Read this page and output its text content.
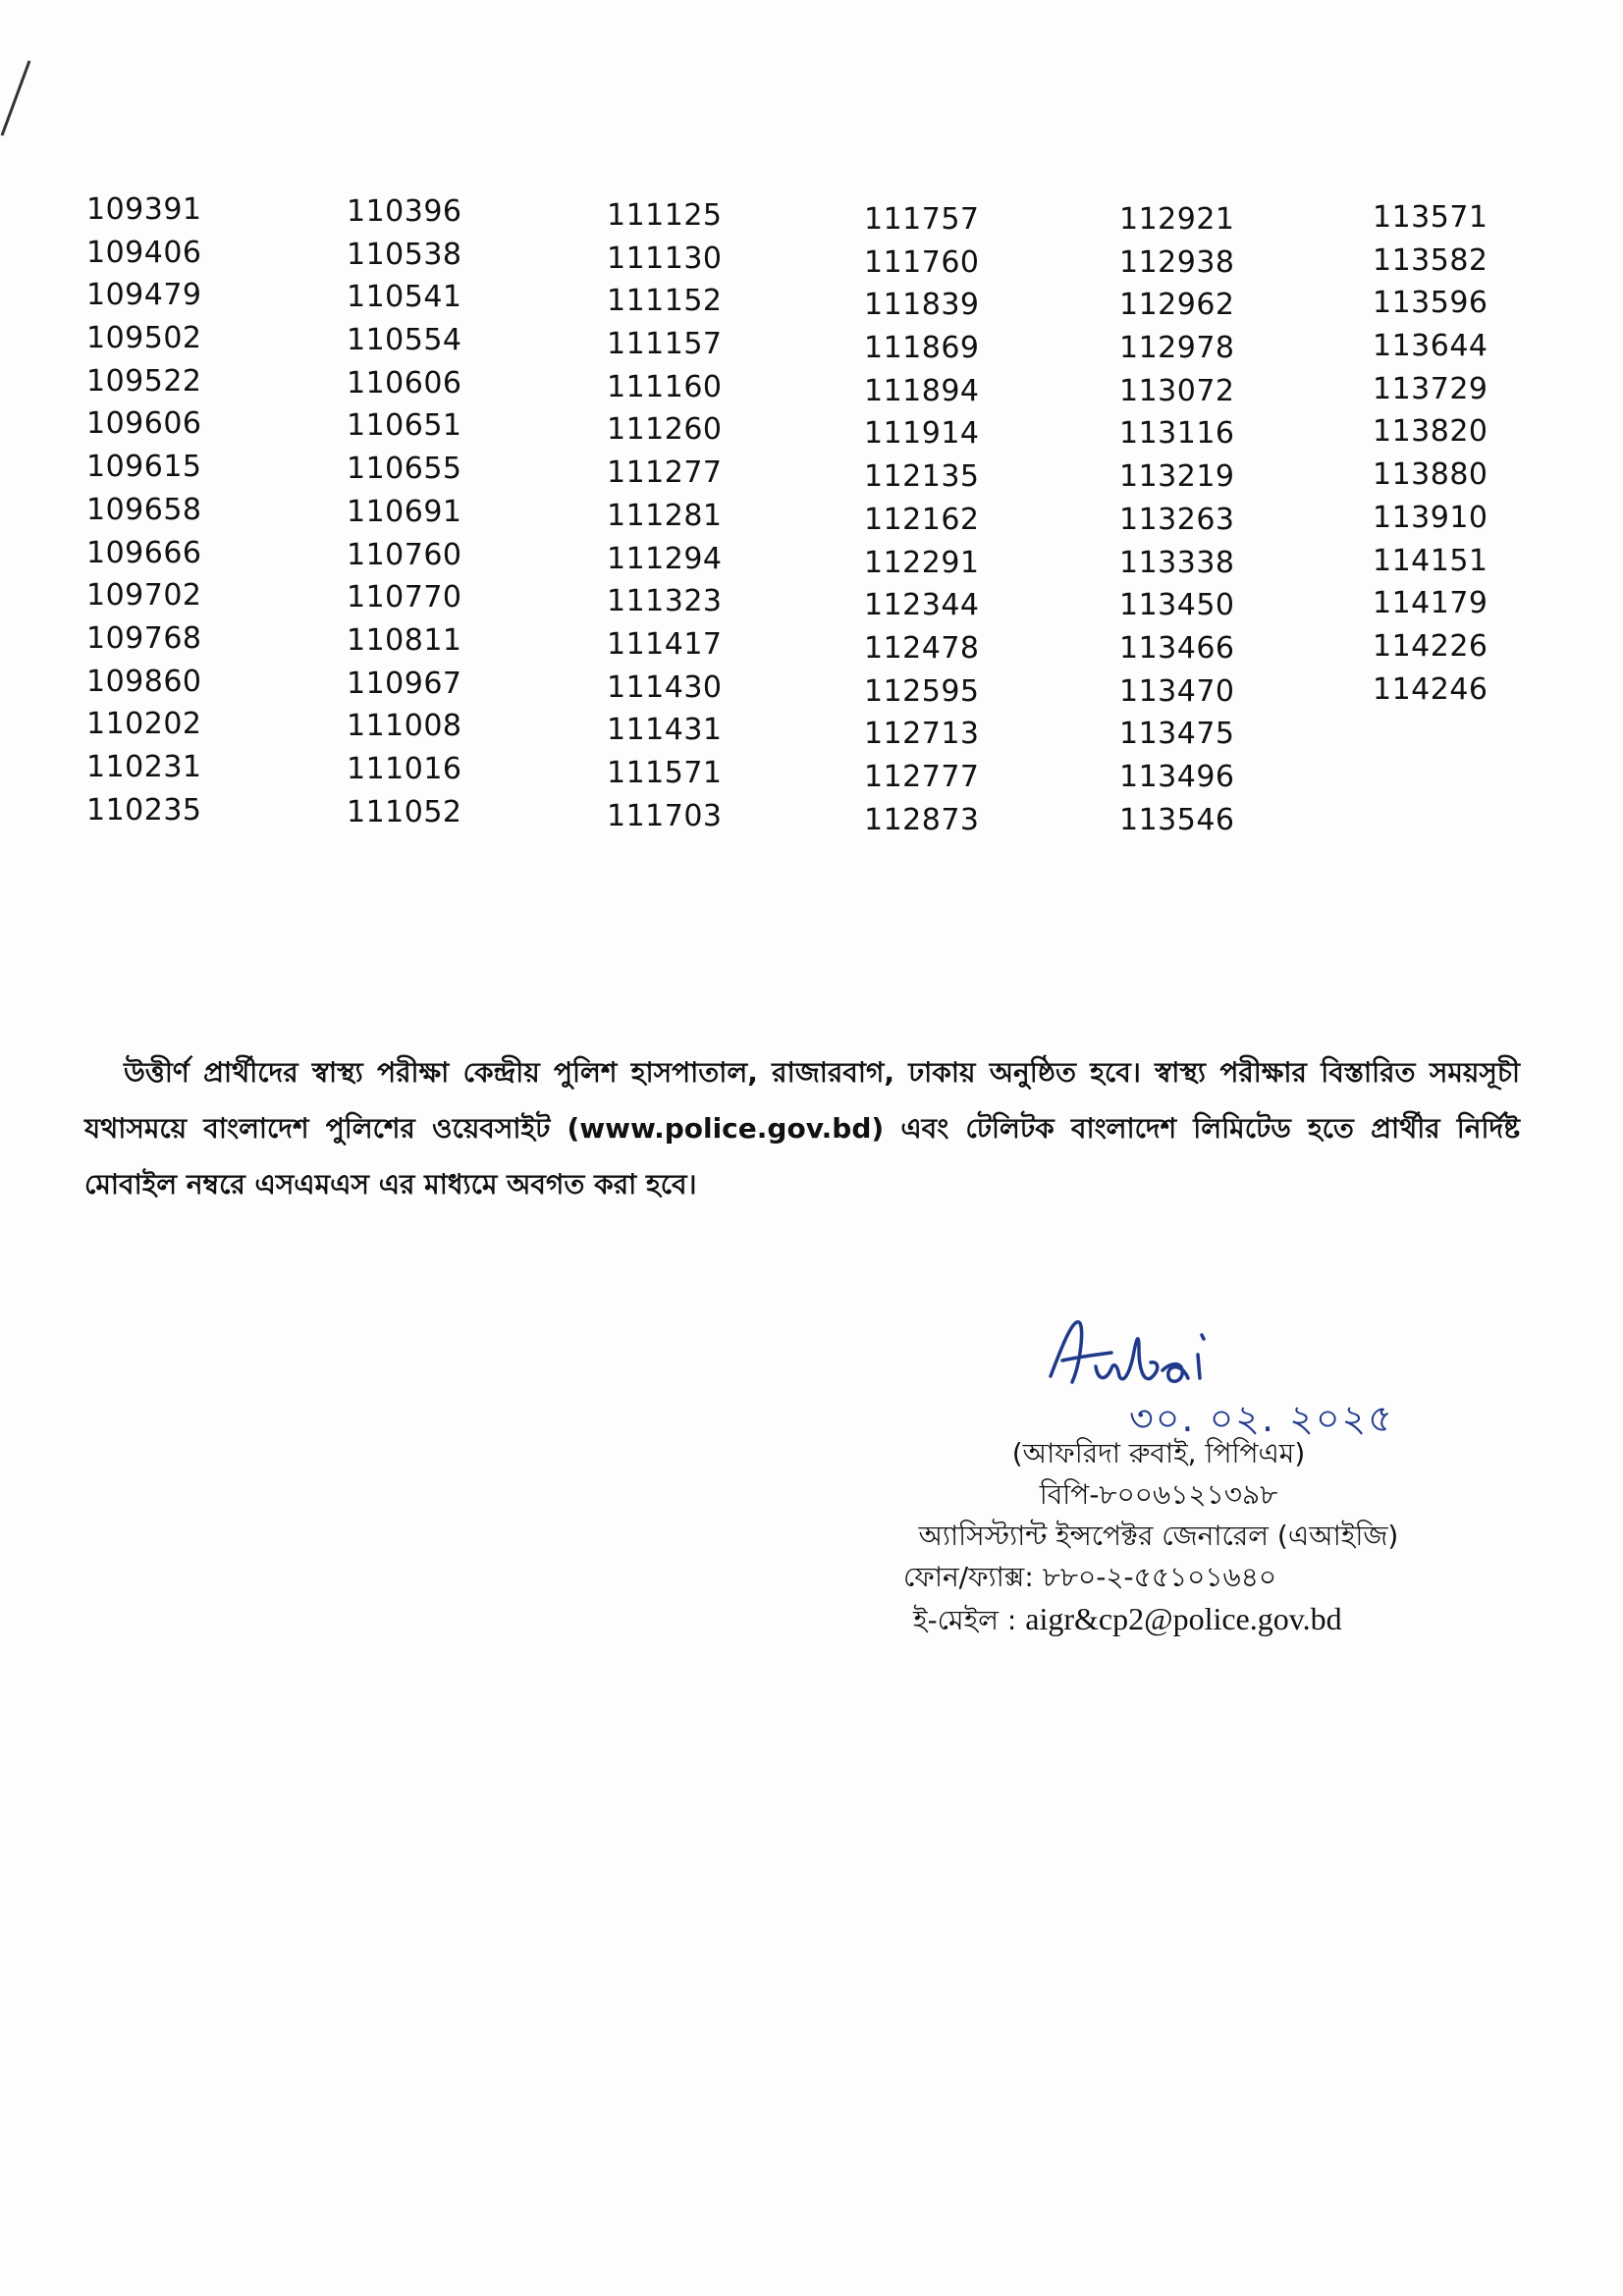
109391
109406
109479
109502
109522
109606
109615
109658
109666
109702
109768
109860
110202
110231
110235
110396
110538
110541
110554
110606
110651
110655
110691
110760
110770
110811
110967
111008
111016
111052
111125
111130
111152
111157
111160
111260
111277
111281
111294
111323
111417
111430
111431
111571
111703
111757
111760
111839
111869
111894
111914
112135
112162
112291
112344
112478
112595
112713
112777
112873
112921
112938
112962
112978
113072
113116
113219
113263
113338
113450
113466
113470
113475
113496
113546
113571
113582
113596
113644
113729
113820
113880
113910
114151
114179
114226
114246

উত্তীর্ণ প্রার্থীদের স্বাস্থ্য পরীক্ষা কেন্দ্রীয় পুলিশ হাসপাতাল, রাজারবাগ, ঢাকায় অনুষ্ঠিত হবে। স্বাস্থ্য পরীক্ষার বিস্তারিত সময়সূচী যথাসময়ে বাংলাদেশ পুলিশের ওয়েবসাইট (www.police.gov.bd) এবং টেলিটক বাংলাদেশ লিমিটেড হতে প্রার্থীর নির্দিষ্ট মোবাইল নম্বরে এসএমএস এর মাধ্যমে অবগত করা হবে।

৩০. ০২. ২০২৫
(আফরিদা রুবাই, পিপিএম)
বিপি-৮০০৬১২১৩৯৮
অ্যাসিস্ট্যান্ট ইন্সপেক্টর জেনারেল (এআইজি)
ফোন/ফ্যাক্স: ৮৮০-২-৫৫১০১৬৪০
ই-মেইল : aigr&cp2@police.gov.bd
